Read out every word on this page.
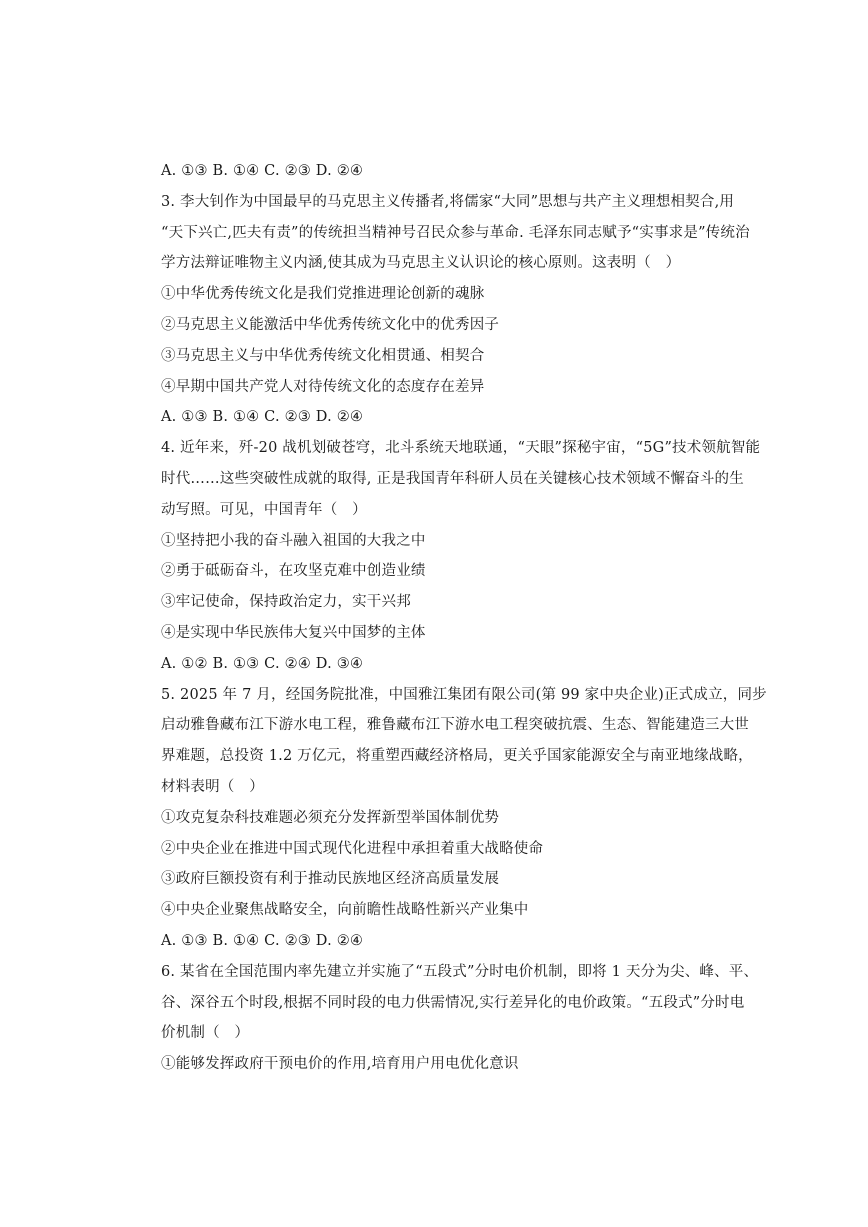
A. ①③ B. ①④ C. ②③ D. ②④
3. 李大钊作为中国最早的马克思主义传播者,将儒家“大同”思想与共产主义理想相契合,用
“天下兴亡,匹夫有责”的传统担当精神号召民众参与革命. 毛泽东同志赋予“实事求是”传统治
学方法辩证唯物主义内涵,使其成为马克思主义认识论的核心原则。这表明（　）
①中华优秀传统文化是我们党推进理论创新的魂脉
②马克思主义能激活中华优秀传统文化中的优秀因子
③马克思主义与中华优秀传统文化相贯通、相契合
④早期中国共产党人对待传统文化的态度存在差异
A. ①③ B. ①④ C. ②③ D. ②④
4. 近年来，歼-20 战机划破苍穹，北斗系统天地联通，“天眼”探秘宇宙，“5G”技术领航智能
时代……这些突破性成就的取得, 正是我国青年科研人员在关键核心技术领域不懈奋斗的生
动写照。可见，中国青年（　）
①坚持把小我的奋斗融入祖国的大我之中
②勇于砥砺奋斗，在攻坚克难中创造业绩
③牢记使命，保持政治定力，实干兴邦
④是实现中华民族伟大复兴中国梦的主体
A. ①② B. ①③ C. ②④ D. ③④
5. 2025 年 7 月，经国务院批准，中国雅江集团有限公司(第 99 家中央企业)正式成立，同步
启动雅鲁藏布江下游水电工程，雅鲁藏布江下游水电工程突破抗震、生态、智能建造三大世
界难题，总投资 1.2 万亿元，将重塑西藏经济格局，更关乎国家能源安全与南亚地缘战略，
材料表明（　）
①攻克复杂科技难题必须充分发挥新型举国体制优势
②中央企业在推进中国式现代化进程中承担着重大战略使命
③政府巨额投资有利于推动民族地区经济高质量发展
④中央企业聚焦战略安全，向前瞻性战略性新兴产业集中
A. ①③ B. ①④ C. ②③ D. ②④
6. 某省在全国范围内率先建立并实施了“五段式”分时电价机制，即将 1 天分为尖、峰、平、
谷、深谷五个时段,根据不同时段的电力供需情况,实行差异化的电价政策。“五段式”分时电
价机制（　）
①能够发挥政府干预电价的作用,培育用户用电优化意识
